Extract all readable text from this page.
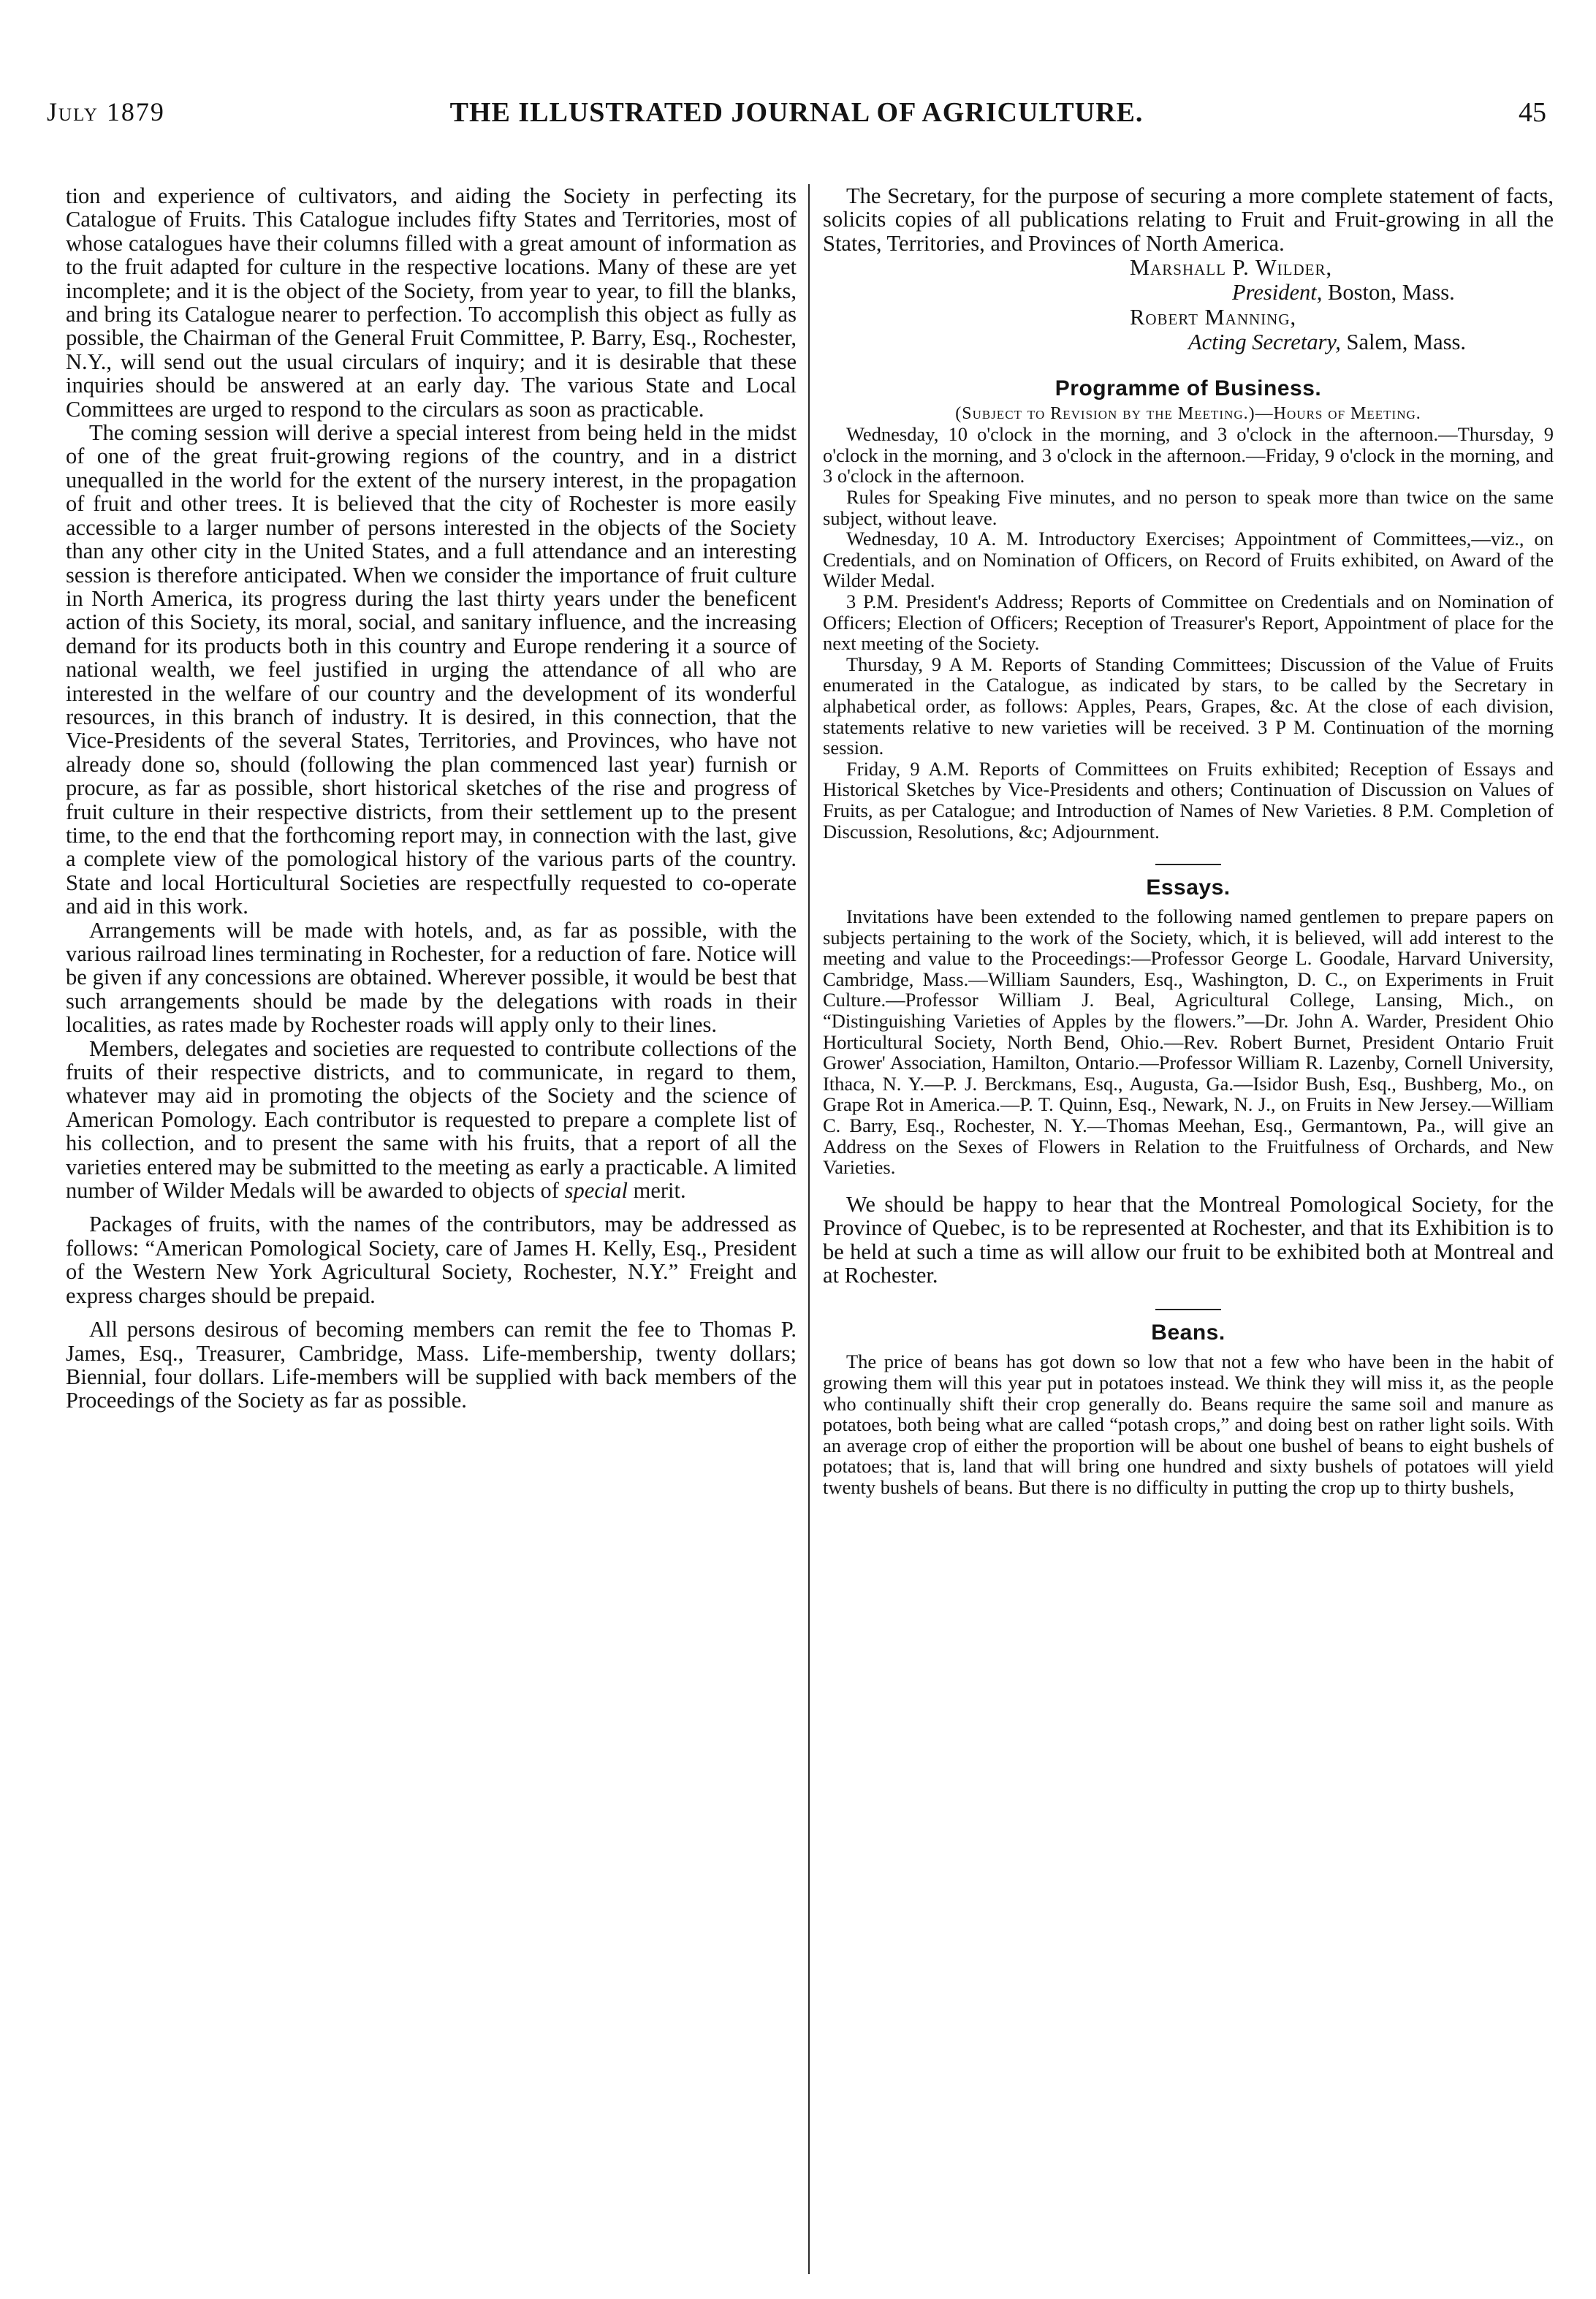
July 1879	THE ILLUSTRATED JOURNAL OF AGRICULTURE.	45

tion and experience of cultivators, and aiding the Society in perfecting its Catalogue of Fruits. This Catalogue includes fifty States and Territories, most of whose catalogues have their columns filled with a great amount of information as to the fruit adapted for culture in the respective locations. Many of these are yet incomplete; and it is the object of the Society, from year to year, to fill the blanks, and bring its Catalogue nearer to perfection. To accomplish this object as fully as possible, the Chairman of the General Fruit Committee, P. Barry, Esq., Rochester, N.Y., will send out the usual circulars of inquiry; and it is desirable that these inquiries should be answered at an early day. The various State and Local Committees are urged to respond to the circulars as soon as practicable.

The coming session will derive a special interest from being held in the midst of one of the great fruit-growing regions of the country, and in a district unequalled in the world for the extent of the nursery interest, in the propagation of fruit and other trees. It is believed that the city of Rochester is more easily accessible to a larger number of persons interested in the objects of the Society than any other city in the United States, and a full attendance and an interesting session is therefore anticipated. When we consider the importance of fruit culture in North America, its progress during the last thirty years under the beneficent action of this Society, its moral, social, and sanitary influence, and the increasing demand for its products both in this country and Europe rendering it a source of national wealth, we feel justified in urging the attendance of all who are interested in the welfare of our country and the development of its wonderful resources, in this branch of industry. It is desired, in this connection, that the Vice-Presidents of the several States, Territories, and Provinces, who have not already done so, should (following the plan commenced last year) furnish or procure, as far as possible, short historical sketches of the rise and progress of fruit culture in their respective districts, from their settlement up to the present time, to the end that the forthcoming report may, in connection with the last, give a complete view of the pomological history of the various parts of the country. State and local Horticultural Societies are respectfully requested to co-operate and aid in this work.

Arrangements will be made with hotels, and, as far as possible, with the various railroad lines terminating in Rochester, for a reduction of fare. Notice will be given if any concessions are obtained. Wherever possible, it would be best that such arrangements should be made by the delegations with roads in their localities, as rates made by Rochester roads will apply only to their lines.

Members, delegates and societies are requested to contribute collections of the fruits of their respective districts, and to communicate, in regard to them, whatever may aid in promoting the objects of the Society and the science of American Pomology. Each contributor is requested to prepare a complete list of his collection, and to present the same with his fruits, that a report of all the varieties entered may be submitted to the meeting as early a practicable. A limited number of Wilder Medals will be awarded to objects of special merit.

Packages of fruits, with the names of the contributors, may be addressed as follows: “American Pomological Society, care of James H. Kelly, Esq., President of the Western New York Agricultural Society, Rochester, N.Y.” Freight and express charges should be prepaid.

All persons desirous of becoming members can remit the fee to Thomas P. James, Esq., Treasurer, Cambridge, Mass. Life-membership, twenty dollars; Biennial, four dollars. Life-members will be supplied with back members of the Proceedings of the Society as far as possible.

The Secretary, for the purpose of securing a more complete statement of facts, solicits copies of all publications relating to Fruit and Fruit-growing in all the States, Territories, and Provinces of North America.

Marshall P. Wilder,
President, Boston, Mass.
Robert Manning,
Acting Secretary, Salem, Mass.
Programme of Business.
(Subject to Revision by the Meeting.)—Hours of Meeting.

Wednesday, 10 o'clock in the morning, and 3 o'clock in the afternoon.—Thursday, 9 o'clock in the morning, and 3 o'clock in the afternoon.—Friday, 9 o'clock in the morning, and 3 o'clock in the afternoon.

Rules for Speaking Five minutes, and no person to speak more than twice on the same subject, without leave.

Wednesday, 10 A. M. Introductory Exercises; Appointment of Committees,—viz., on Credentials, and on Nomination of Officers, on Record of Fruits exhibited, on Award of the Wilder Medal.

3 P.M. President's Address; Reports of Committee on Credentials and on Nomination of Officers; Election of Officers; Reception of Treasurer's Report, Appointment of place for the next meeting of the Society.

Thursday, 9 A M. Reports of Standing Committees; Discussion of the Value of Fruits enumerated in the Catalogue, as indicated by stars, to be called by the Secretary in alphabetical order, as follows: Apples, Pears, Grapes, &c. At the close of each division, statements relative to new varieties will be received. 3 P M. Continuation of the morning session.

Friday, 9 A.M. Reports of Committees on Fruits exhibited; Reception of Essays and Historical Sketches by Vice-Presidents and others; Continuation of Discussion on Values of Fruits, as per Catalogue; and Introduction of Names of New Varieties. 8 P.M. Completion of Discussion, Resolutions, &c; Adjournment.

Essays.

Invitations have been extended to the following named gentlemen to prepare papers on subjects pertaining to the work of the Society, which, it is believed, will add interest to the meeting and value to the Proceedings:—Professor George L. Goodale, Harvard University, Cambridge, Mass.—William Saunders, Esq., Washington, D. C., on Experiments in Fruit Culture.—Professor William J. Beal, Agricultural College, Lansing, Mich., on “Distinguishing Varieties of Apples by the flowers.”—Dr. John A. Warder, President Ohio Horticultural Society, North Bend, Ohio.—Rev. Robert Burnet, President Ontario Fruit Grower' Association, Hamilton, Ontario.—Professor William R. Lazenby, Cornell University, Ithaca, N. Y.—P. J. Berckmans, Esq., Augusta, Ga.—Isidor Bush, Esq., Bushberg, Mo., on Grape Rot in America.—P. T. Quinn, Esq., Newark, N. J., on Fruits in New Jersey.—William C. Barry, Esq., Rochester, N. Y.—Thomas Meehan, Esq., Germantown, Pa., will give an Address on the Sexes of Flowers in Relation to the Fruitfulness of Orchards, and New Varieties.

We should be happy to hear that the Montreal Pomological Society, for the Province of Quebec, is to be represented at Rochester, and that its Exhibition is to be held at such a time as will allow our fruit to be exhibited both at Montreal and at Rochester.

Beans.

The price of beans has got down so low that not a few who have been in the habit of growing them will this year put in potatoes instead. We think they will miss it, as the people who continually shift their crop generally do. Beans require the same soil and manure as potatoes, both being what are called “potash crops,” and doing best on rather light soils. With an average crop of either the proportion will be about one bushel of beans to eight bushels of potatoes; that is, land that will bring one hundred and sixty bushels of potatoes will yield twenty bushels of beans. But there is no difficulty in putting the crop up to thirty bushels,
